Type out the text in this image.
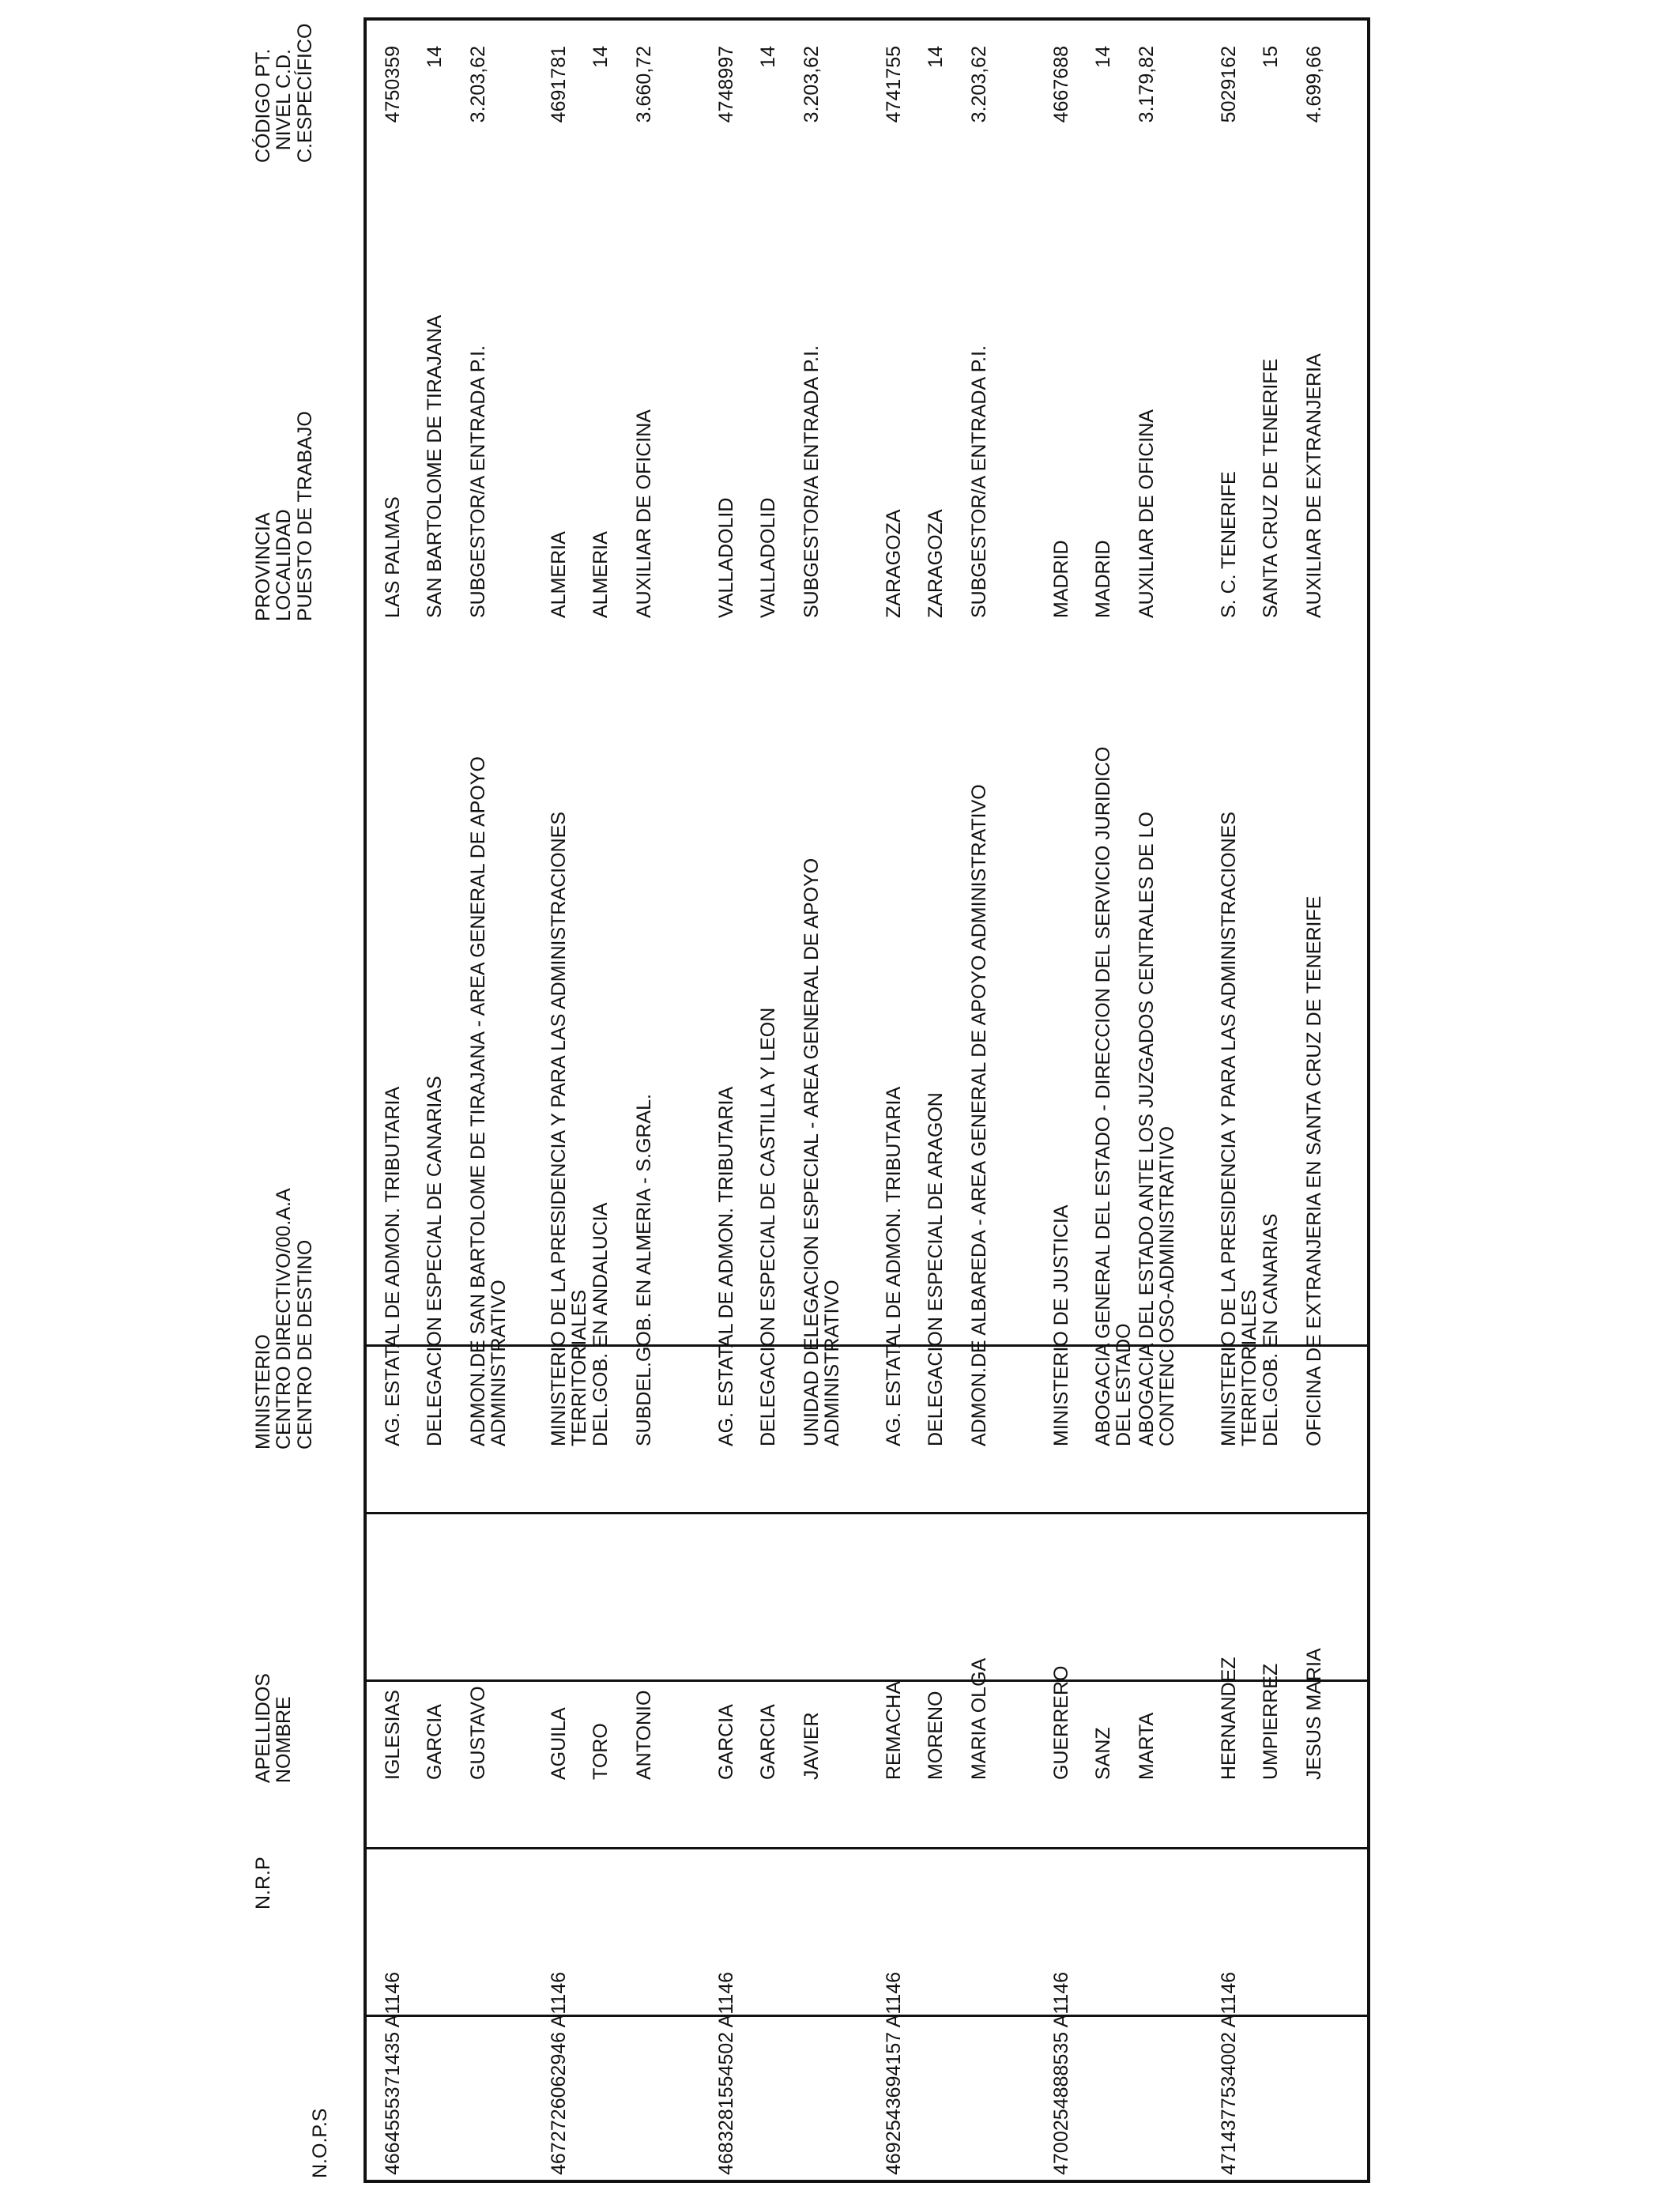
N.O.P.S
N.R.P
APELLIDOS
NOMBRE
MINISTERIO
CENTRO DIRECTIVO/00.A.A
CENTRO DE DESTINO
PROVINCIA
LOCALIDAD
PUESTO DE TRABAJO
CÓDIGO PT.
NIVEL C.D.
C.ESPECÍFICO
466
4555371435 A1146
IGLESIAS GARCIA GUSTAVO
AG. ESTATAL DE ADMON. TRIBUTARIA DELEGACION ESPECIAL DE CANARIAS ADMON.DE SAN BARTOLOME DE TIRAJANA - AREA GENERAL DE APOYO
ADMINISTRATIVO
LAS PALMAS SAN BARTOLOME DE TIRAJANA SUBGESTOR/A ENTRADA P.I.
4750359 14 3.203,62
467
2726062946 A1146
AGUILA TORO ANTONIO
MINISTERIO DE LA PRESIDENCIA Y PARA LAS ADMINISTRACIONES
TERRITORIALES
DEL.GOB. EN ANDALUCIA SUBDEL.GOB. EN ALMERIA - S.GRAL.
ALMERIA ALMERIA AUXILIAR DE OFICINA
4691781 14 3.660,72
468
3281554502 A1146
GARCIA GARCIA JAVIER
AG. ESTATAL DE ADMON. TRIBUTARIA DELEGACION ESPECIAL DE CASTILLA Y LEON UNIDAD DELEGACION ESPECIAL - AREA GENERAL DE APOYO
ADMINISTRATIVO
VALLADOLID VALLADOLID SUBGESTOR/A ENTRADA P.I.
4748997 14 3.203,62
469
2543694157 A1146
REMACHA MORENO MARIA OLGA
AG. ESTATAL DE ADMON. TRIBUTARIA DELEGACION ESPECIAL DE ARAGON ADMON.DE ALBAREDA - AREA GENERAL DE APOYO ADMINISTRATIVO
ZARAGOZA ZARAGOZA SUBGESTOR/A ENTRADA P.I.
4741755 14 3.203,62
470
0254888535 A1146
GUERRERO SANZ MARTA
MINISTERIO DE JUSTICIA ABOGACIA GENERAL DEL ESTADO - DIRECCION DEL SERVICIO JURIDICO
DEL ESTADO ABOGACIA DEL ESTADO ANTE LOS JUZGADOS CENTRALES DE LO
CONTENCIOSO-ADMINISTRATIVO
MADRID MADRID AUXILIAR DE OFICINA
4667688 14 3.179,82
471
4377534002 A1146
HERNANDEZ UMPIERREZ JESUS MARIA
MINISTERIO DE LA PRESIDENCIA Y PARA LAS ADMINISTRACIONES
TERRITORIALES
DEL.GOB. EN CANARIAS OFICINA DE EXTRANJERIA EN SANTA CRUZ DE TENERIFE
S. C. TENERIFE SANTA CRUZ DE TENERIFE AUXILIAR DE EXTRANJERIA
5029162 15 4.699,66
